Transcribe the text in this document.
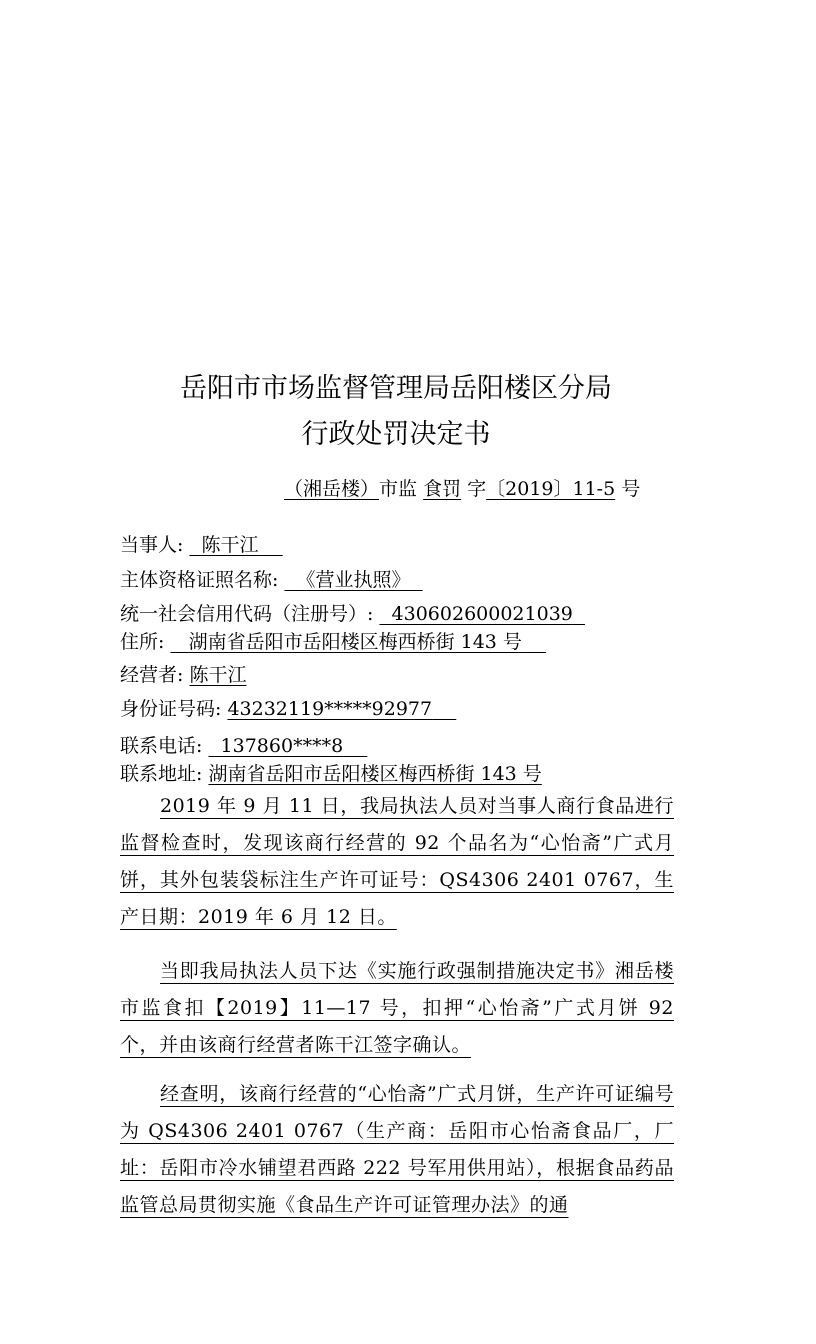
岳阳市市场监督管理局岳阳楼区分局
行政处罚决定书
（湘岳楼）市监 食罚 字〔2019〕11-5 号
当事人: 陈干江
主体资格证照名称: 《营业执照》
统一社会信用代码（注册号）: 430602600021039
住所: 湖南省岳阳市岳阳楼区梅西桥街 143 号
经营者: 陈干江
身份证号码: 43232119*****92977
联系电话: 137860****8
联系地址: 湖南省岳阳市岳阳楼区梅西桥街 143 号
2019 年 9 月 11 日，我局执法人员对当事人商行食品进行监督检查时，发现该商行经营的 92 个品名为“心怡斋”广式月饼，其外包装袋标注生产许可证号：QS4306 2401 0767，生产日期：2019 年 6 月 12 日。
当即我局执法人员下达《实施行政强制措施决定书》湘岳楼市监食扣【2019】11—17 号，扣押“心怡斋”广式月饼 92 个，并由该商行经营者陈干江签字确认。
经查明，该商行经营的“心怡斋”广式月饼，生产许可证编号为 QS4306 2401 0767（生产商：岳阳市心怡斋食品厂，厂址：岳阳市冷水铺望君西路 222 号军用供用站），根据食品药品监管总局贯彻实施《食品生产许可证管理办法》的通
